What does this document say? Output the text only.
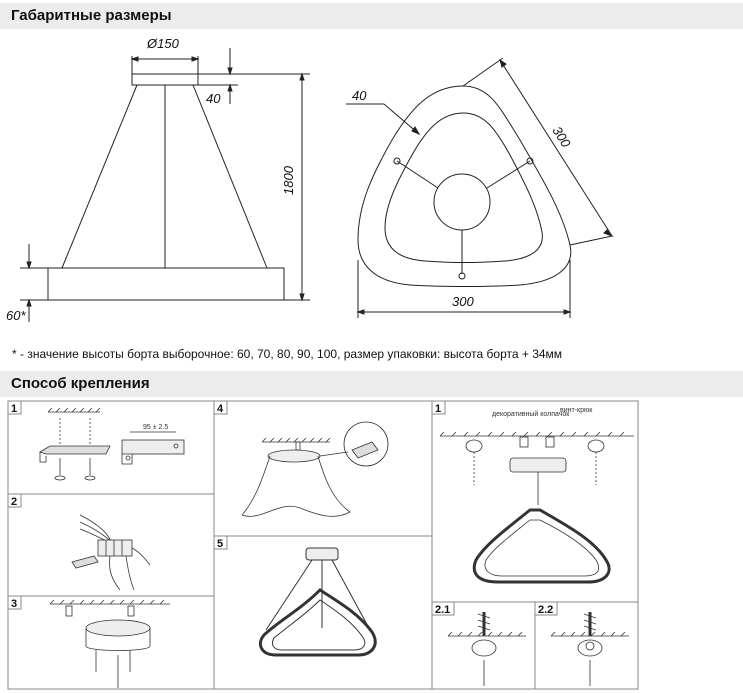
Габаритные размеры
Ø150
40
1800
60*
40
300
300
1
2
3
4
5
1
2.1	2.2
95 ± 2.5
декоративный колпачок
винт-крюк
* - значение высоты борта выборочное: 60, 70, 80, 90, 100, размер упаковки: высота борта + 34мм
Способ крепления
